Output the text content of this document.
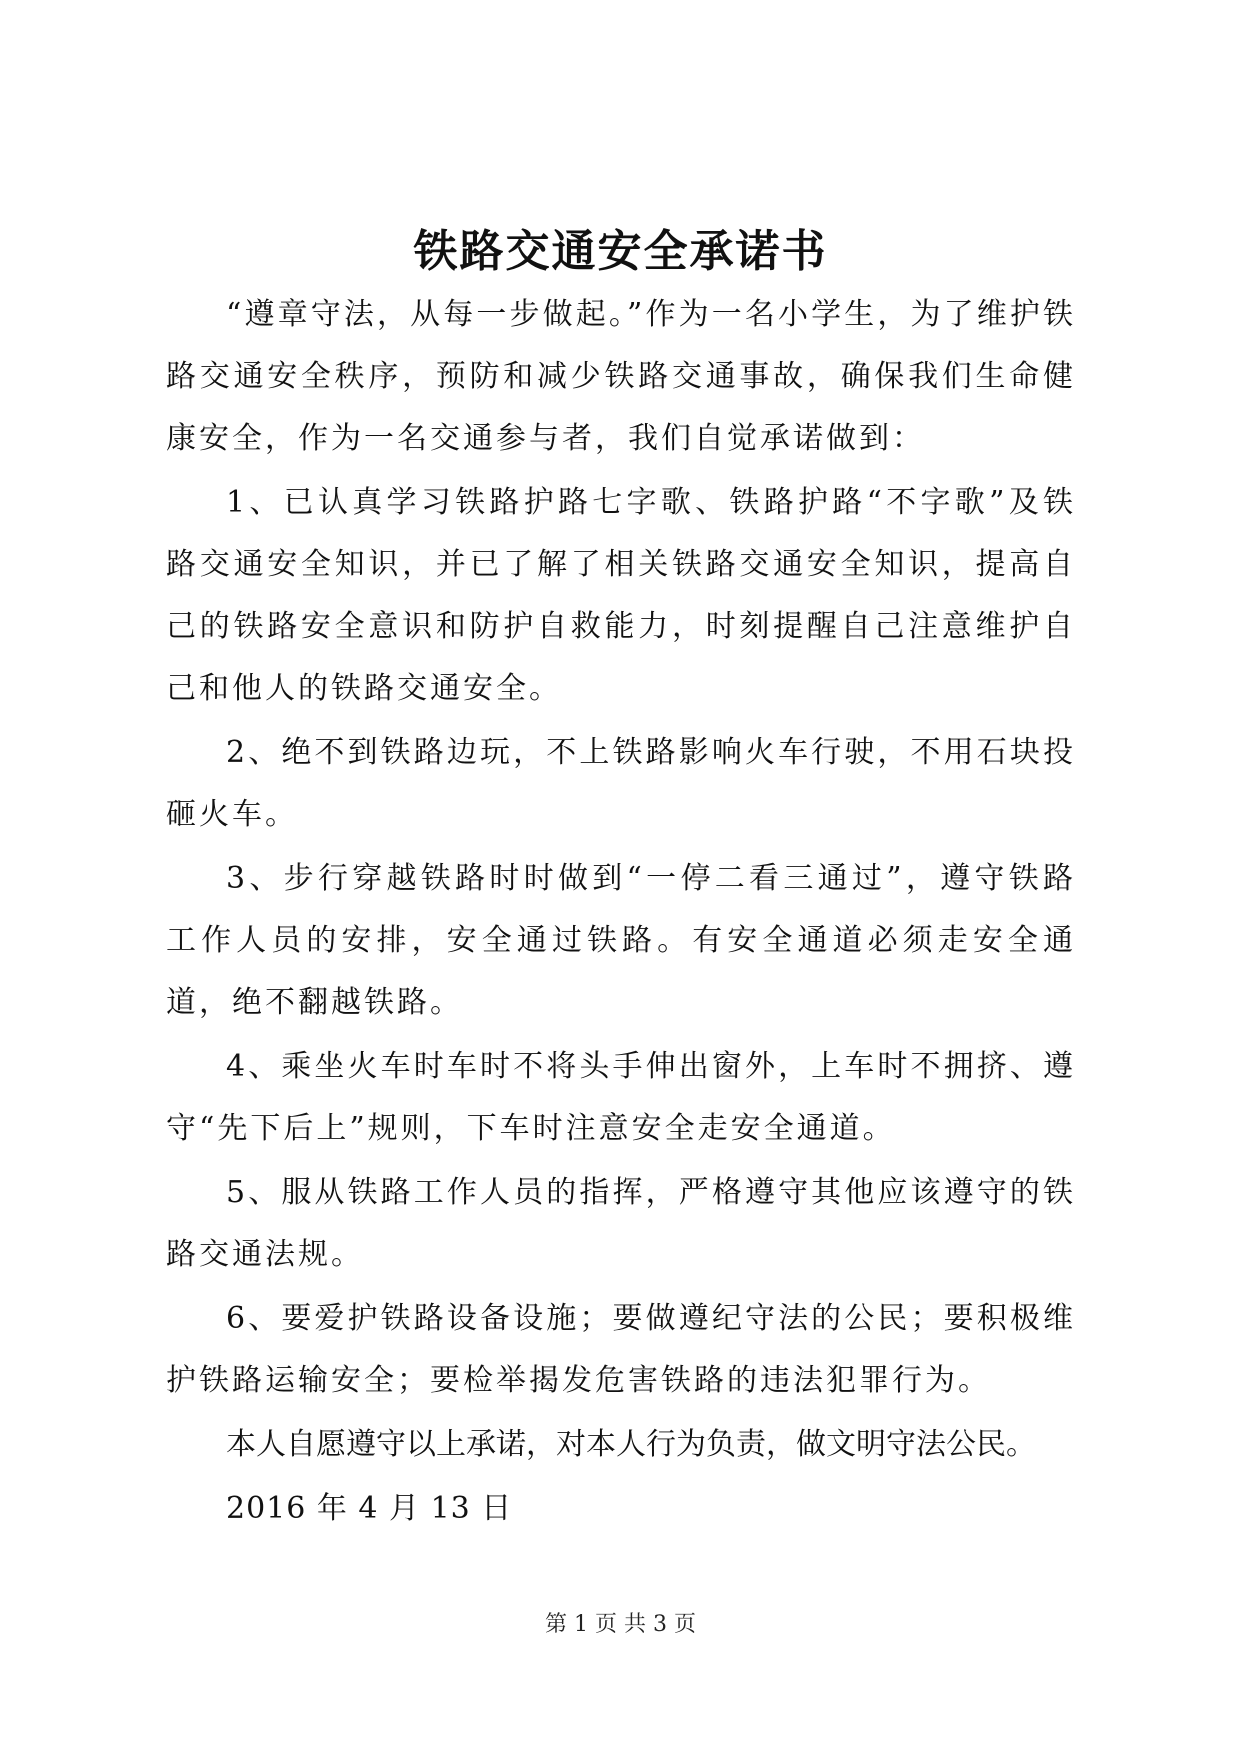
铁路交通安全承诺书

“遵章守法，从每一步做起。”作为一名小学生，为了维护铁路交通安全秩序，预防和减少铁路交通事故，确保我们生命健康安全，作为一名交通参与者，我们自觉承诺做到：

1、已认真学习铁路护路七字歌、铁路护路“不字歌”及铁路交通安全知识，并已了解了相关铁路交通安全知识，提高自己的铁路安全意识和防护自救能力，时刻提醒自己注意维护自己和他人的铁路交通安全。

2、绝不到铁路边玩，不上铁路影响火车行驶，不用石块投砸火车。

3、步行穿越铁路时时做到“一停二看三通过”，遵守铁路工作人员的安排，安全通过铁路。有安全通道必须走安全通道，绝不翻越铁路。

4、乘坐火车时车时不将头手伸出窗外，上车时不拥挤、遵守“先下后上”规则，下车时注意安全走安全通道。

5、服从铁路工作人员的指挥，严格遵守其他应该遵守的铁路交通法规。

6、要爱护铁路设备设施；要做遵纪守法的公民；要积极维护铁路运输安全；要检举揭发危害铁路的违法犯罪行为。

本人自愿遵守以上承诺，对本人行为负责，做文明守法公民。

2016 年 4 月 13 日

第 1 页 共 3 页
